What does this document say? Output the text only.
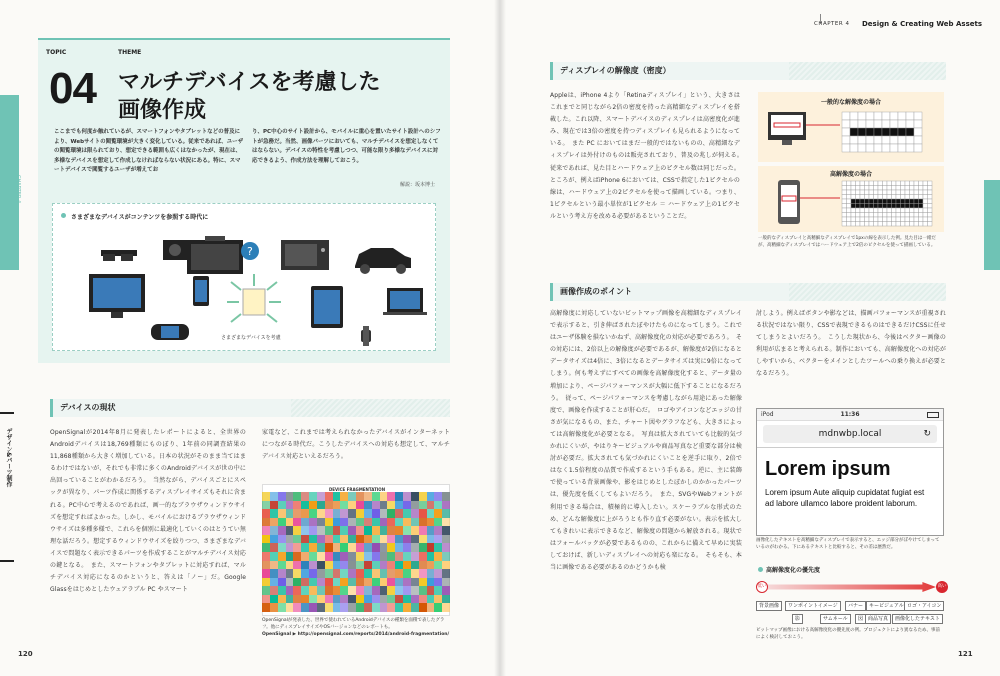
TOPIC	THEME
04 マルチデバイスを考慮した
画像作成

ここまでも何度か触れているが、スマートフォンやタブレットなどの普及により、Webサイトの閲覧環境が大きく変化している。従来であれば、ユーザの閲覧環境は限られており、想定できる範囲も広くはなかったが、現在は、多様なデバイスを想定して作成しなければならない状況にある。特に、スマートデバイスで閲覧するユーザが増えてお

り、PC中心のサイト設計から、モバイルに重心を置いたサイト設計へのシフトが急務だ。当然、画像パーツにおいても、マルチデバイスを想定しなくてはならない。デバイスの特性を考慮しつつ、可能な限り多様なデバイスに対応できるよう、作成方法を理解しておこう。

解説：坂本博士
さまざまなデバイスがコンテンツを参照する時代に
?
さまざまなデバイスを考慮
CHAPTER 4
デザイン&パーツ制作
デバイスの現状

OpenSignalが2014年8月に発表したレポートによると、全世界のAndroidデバイスは18,769種類にものぼり、1年前の同調査結果の11,868種類から大きく増加している。日本の状況がそのまま当てはまるわけではないが、それでも非常に多くのAndroidデバイスが世の中に出回っていることがわかるだろう。　当然ながら、デバイスごとにスペックが異なり、パーツ作成に関係するディスプレイサイズもそれに含まれる。PC中心で考えるのであれば、画一的なブラウザウィンドウサイズを想定すればよかった。しかし、モバイルにおけるブラウザウィンドウサイズは多種多様で、これらを個別に最適化していくのはとうてい無理な話だろう。想定するウィンドウサイズを絞りつつ、さまざまなデバイスで問題なく表示できるパーツを作成することがマルチデバイス対応の鍵となる。　また、スマートフォンやタブレットに対応すれば、マルチデバイス対応になるのかというと、答えは「ノー」だ。Google Glassをはじめとしたウェアラブル PC やスマート

家電など、これまでは考えられなかったデバイスがインターネットにつながる時代だ。こうしたデバイスへの対応も想定して、マルチデバイス対応といえるだろう。

DEVICE FRAGMENTATION

OpenSignalが発表した、世界で使われているAndroidデバイスの種類を面積で表したグラフ。他にディスプレイサイズやOSバージョンなどのレポートも。

OpenSignal ▶ http://opensignal.com/reports/2014/android-fragmentation/

120
CHAPTER 4 Design & Creating Web Assets
ディスプレイの解像度（密度）

Appleは、iPhone 4より「Retinaディスプレイ」という、大きさはこれまでと同じながら2倍の密度を持った高精細なディスプレイを搭載した。これ以降、スマートデバイスのディスプレイは高密度化が進み、現在では3倍の密度を持つディスプレイも見られるようになっている。　また PC においてはまだ一般的ではないものの、高精細なディスプレイは外付けのものは販売されており、普及の兆しが伺える。　従来であれば、見た目とハードウェア上のピクセル数は同じだった。ところが、例えばiPhone 6においては、CSSで指定した1ピクセルの線は、ハードウェア上の2ピクセルを使って描画している。つまり、1ピクセルという最小単位が1ピクセル ＝ ハードウェア上の1ピクセルという考え方を改める必要があるということだ。

一般的な解像度の場合
高解像度の場合

一般的なディスプレイと高精細なディスプレイで1pxの線を表示した例。見た目は一緒だが、高精細なディスプレイではハードウェア上で2倍のピクセルを使って描画している。

画像作成のポイント

高解像度に対応していないビットマップ画像を高精細なディスプレイで表示すると、引き伸ばされたぼやけたものになってしまう。これではユーザ体験を損ないかねず、高解像度化の対応が必要であろう。　その対応には、2倍以上の解像度が必要であるが、解像度が2倍になるとデータサイズは4倍に、3倍になるとデータサイズは実に9倍になってしまう。何も考えずにすべての画像を高解像度化すると、データ量の増加により、ページパフォーマンスが大幅に低下することになるだろう。　従って、ページパフォーマンスを考慮しながら用途にあった解像度で、画像を作成することが肝心だ。　ロゴやアイコンなどエッジの甘さが気になるもの、また、チャート図やグラフなども、大きさによっては高解像度化が必要となる。　写真は拡大されていても比較的気づかれにくいが、やはりキービジュアルや商品写真など重要な部分は検討が必要だ。拡大されても気づかれにくいことを逆手に取り、2倍ではなく1.5倍程度の品質で作成するという手もある。逆に、主に装飾で使っている背景画像や、影をはじめとしたぼかしのかかったパーツは、優先度を低くしてもよいだろう。　また、SVGやWebフォントが利用できる場合は、積極的に導入したい。スケーラブルな形式のため、どんな解像度に上がろうとも作り直す必要がない。表示を拡大してもきれいに表示できるなど、解像度の問題から解放される。現状ではフォールバックが必要であるものの、これからに備えて早めに実装しておけば、新しいディスプレイへの対応も楽になる。　そもそも、本当に画像である必要があるのかどうかも検

討しよう。例えばボタンや影などは、描画パフォーマンスが重視される状況ではない限り、CSSで表現できるものはできるだけCSSに任せてしまうとよいだろう。　こうした現状から、今後はベクター画像の利用が広まると考えられる。制作においても、高解像度化への対応がしやすいから、ベクターをメインとしたツールへの乗り換えが必要となるだろう。

iPod	11:36
mdnwbp.local	↻
Lorem ipsum
Lorem ipsum Aute aliquip cupidatat fugiat est ad labore ullamco labore proident laborum.

画像化したテキストを高精細なディスプレイで表示すると、エッジ部分がぼやけてしまっているのがわかる。下にあるテキストと比較すると、その差は歴然だ。

高解像度化の優先度
低い	高い
背景画像	ワンポイントイメージ	バナー	キービジュアル ロゴ・アイコン
影	サムネール	図 商品写真	画像化したテキスト

ビットマップ画像における高解像度化の優先度の例。プロジェクトにより異なるため、事前によく検討しておこう。

121
